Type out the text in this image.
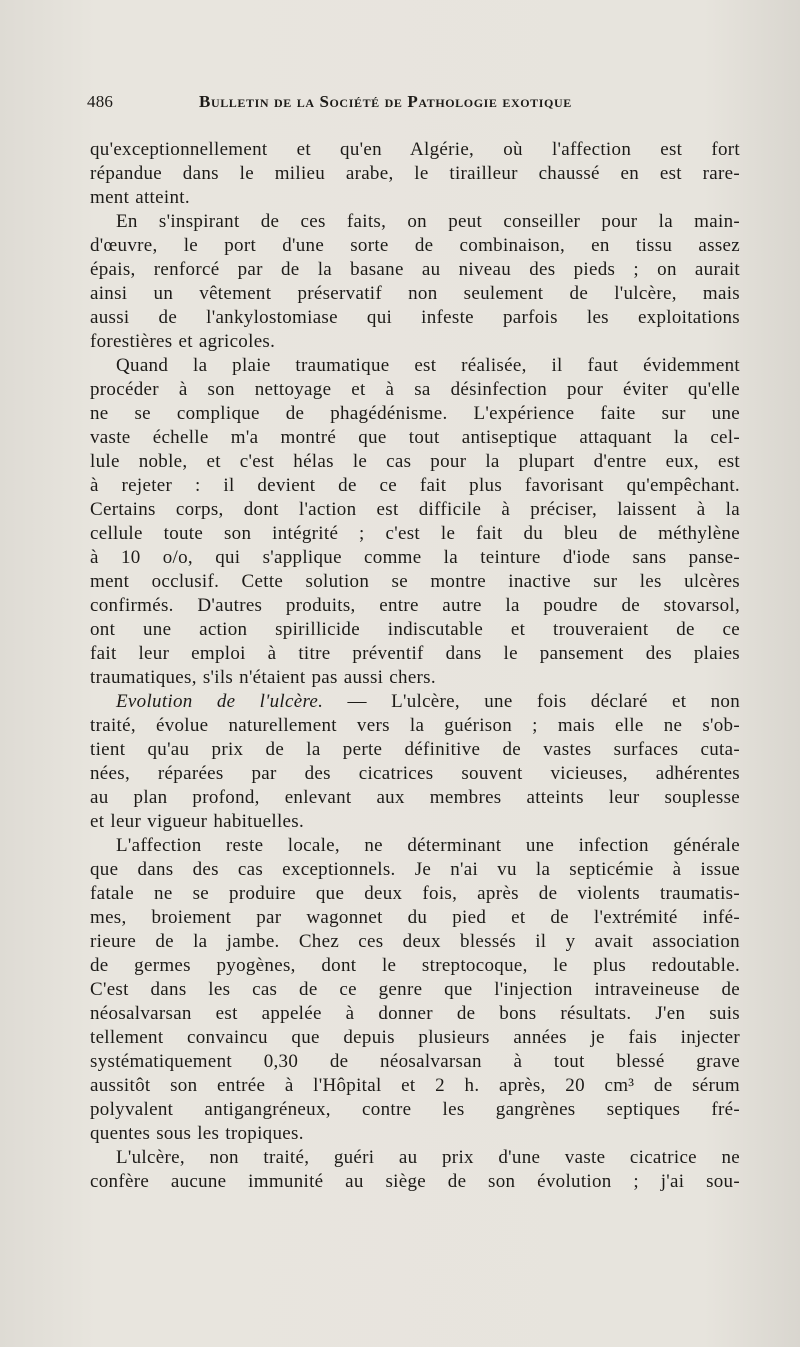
486	Bulletin de la Société de Pathologie exotique
qu'exceptionnellement et qu'en Algérie, où l'affection est fort
répandue dans le milieu arabe, le tirailleur chaussé en est rare-
ment atteint.
En s'inspirant de ces faits, on peut conseiller pour la main-
d'œuvre, le port d'une sorte de combinaison, en tissu assez
épais, renforcé par de la basane au niveau des pieds ; on aurait
ainsi un vêtement préservatif non seulement de l'ulcère, mais
aussi de l'ankylostomiase qui infeste parfois les exploitations
forestières et agricoles.
Quand la plaie traumatique est réalisée, il faut évidemment
procéder à son nettoyage et à sa désinfection pour éviter qu'elle
ne se complique de phagédénisme. L'expérience faite sur une
vaste échelle m'a montré que tout antiseptique attaquant la cel-
lule noble, et c'est hélas le cas pour la plupart d'entre eux, est
à rejeter : il devient de ce fait plus favorisant qu'empêchant.
Certains corps, dont l'action est difficile à préciser, laissent à la
cellule toute son intégrité ; c'est le fait du bleu de méthylène
à 10 o/o, qui s'applique comme la teinture d'iode sans panse-
ment occlusif. Cette solution se montre inactive sur les ulcères
confirmés. D'autres produits, entre autre la poudre de stovarsol,
ont une action spirillicide indiscutable et trouveraient de ce
fait leur emploi à titre préventif dans le pansement des plaies
traumatiques, s'ils n'étaient pas aussi chers.
Evolution de l'ulcère. — L'ulcère, une fois déclaré et non
traité, évolue naturellement vers la guérison ; mais elle ne s'ob-
tient qu'au prix de la perte définitive de vastes surfaces cuta-
nées, réparées par des cicatrices souvent vicieuses, adhérentes
au plan profond, enlevant aux membres atteints leur souplesse
et leur vigueur habituelles.
L'affection reste locale, ne déterminant une infection générale
que dans des cas exceptionnels. Je n'ai vu la septicémie à issue
fatale ne se produire que deux fois, après de violents traumatis-
mes, broiement par wagonnet du pied et de l'extrémité infé-
rieure de la jambe. Chez ces deux blessés il y avait association
de germes pyogènes, dont le streptocoque, le plus redoutable.
C'est dans les cas de ce genre que l'injection intraveineuse de
néosalvarsan est appelée à donner de bons résultats. J'en suis
tellement convaincu que depuis plusieurs années je fais injecter
systématiquement 0,30 de néosalvarsan à tout blessé grave
aussitôt son entrée à l'Hôpital et 2 h. après, 20 cm³ de sérum
polyvalent antigangréneux, contre les gangrènes septiques fré-
quentes sous les tropiques.
L'ulcère, non traité, guéri au prix d'une vaste cicatrice ne
confère aucune immunité au siège de son évolution ; j'ai sou-
